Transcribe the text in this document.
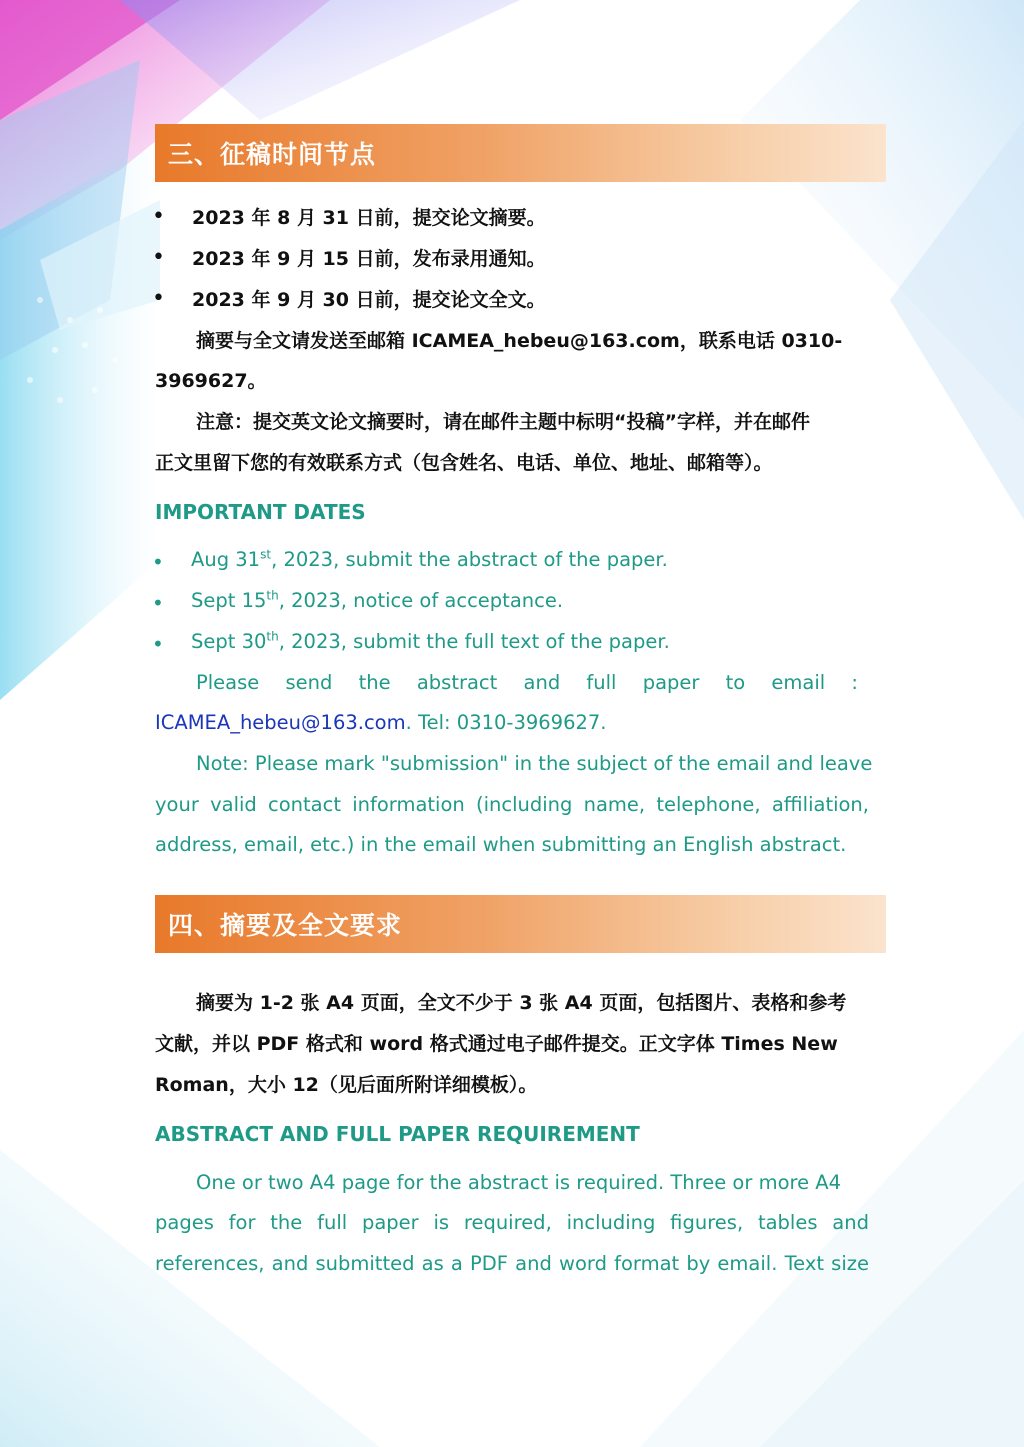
三、征稿时间节点
• 2023 年 8 月 31 日前，提交论文摘要。
• 2023 年 9 月 15 日前，发布录用通知。
• 2023 年 9 月 30 日前，提交论文全文。
摘要与全文请发送至邮箱 ICAMEA_hebeu@163.com，联系电话 0310-
3969627。
注意：提交英文论文摘要时，请在邮件主题中标明“投稿”字样，并在邮件
正文里留下您的有效联系方式（包含姓名、电话、单位、地址、邮箱等）。
IMPORTANT DATES
• Aug 31st, 2023, submit the abstract of the paper.
• Sept 15th, 2023, notice of acceptance.
• Sept 30th, 2023, submit the full text of the paper.
Please send the abstract and full paper to email :
ICAMEA_hebeu@163.com. Tel: 0310-3969627.
Note: Please mark "submission" in the subject of the email and leave
your valid contact information (including name, telephone, affiliation,
address, email, etc.) in the email when submitting an English abstract.
四、摘要及全文要求
摘要为 1-2 张 A4 页面，全文不少于 3 张 A4 页面，包括图片、表格和参考
文献，并以 PDF 格式和 word 格式通过电子邮件提交。正文字体 Times New
Roman，大小 12（见后面所附详细模板）。
ABSTRACT AND FULL PAPER REQUIREMENT
One or two A4 page for the abstract is required. Three or more A4
pages for the full paper is required, including figures, tables and
references, and submitted as a PDF and word format by email. Text size
